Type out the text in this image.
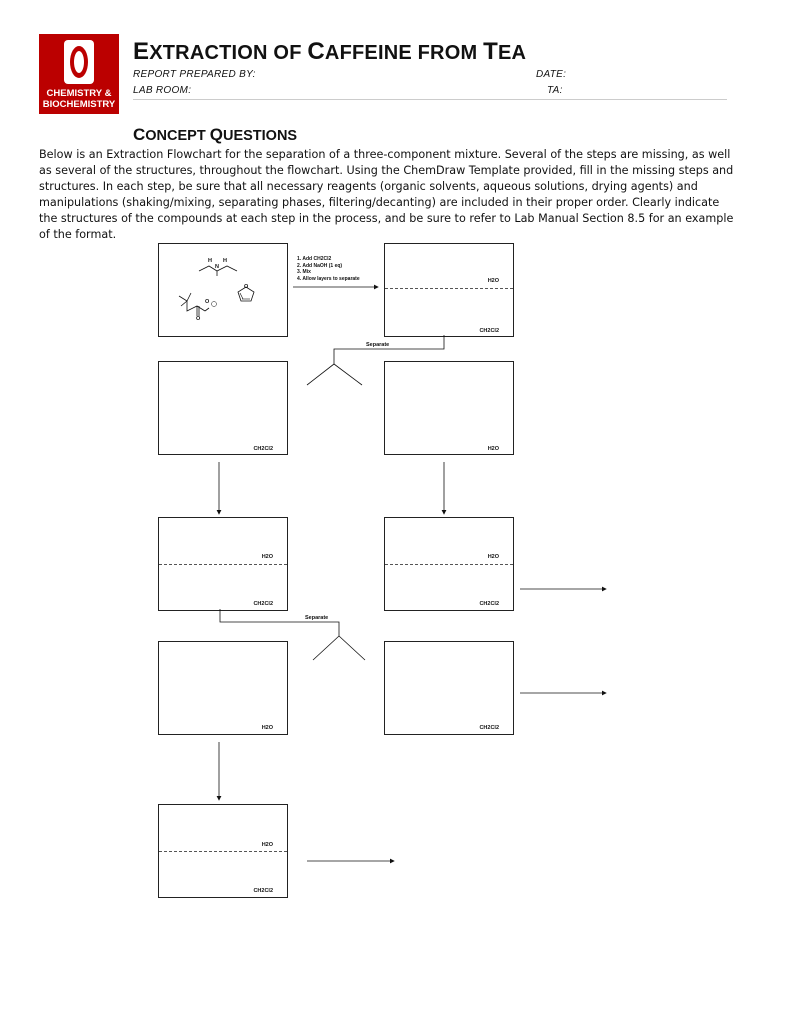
CHEMISTRY &
BIOCHEMISTRY
EXTRACTION OF CAFFEINE FROM TEA
REPORT PREPARED BY:
LAB ROOM:
DATE:
TA:
CONCEPT QUESTIONS
Below is an Extraction Flowchart for the separation of a three-component mixture. Several of the steps are missing, as well as several of the structures, throughout the flowchart. Using the ChemDraw Template provided, fill in the missing steps and structures. In each step, be sure that all necessary reagents (organic solvents, aqueous solutions, drying agents) and manipulations (shaking/mixing, separating phases, filtering/decanting) are included in their proper order. Clearly indicate the structures of the compounds at each step in the process, and be sure to refer to Lab Manual Section 8.5 for an example of the format.
H H
N
O
O
O
1. Add CH2Cl2
2. Add NaOH (1 eq)
3. Mix
4. Allow layers to separate	H2O
CH2Cl2
Separate
CH2Cl2	H2O
H2O
CH2Cl2
H2O
CH2Cl2
Separate
H2O	CH2Cl2
H2O
CH2Cl2
